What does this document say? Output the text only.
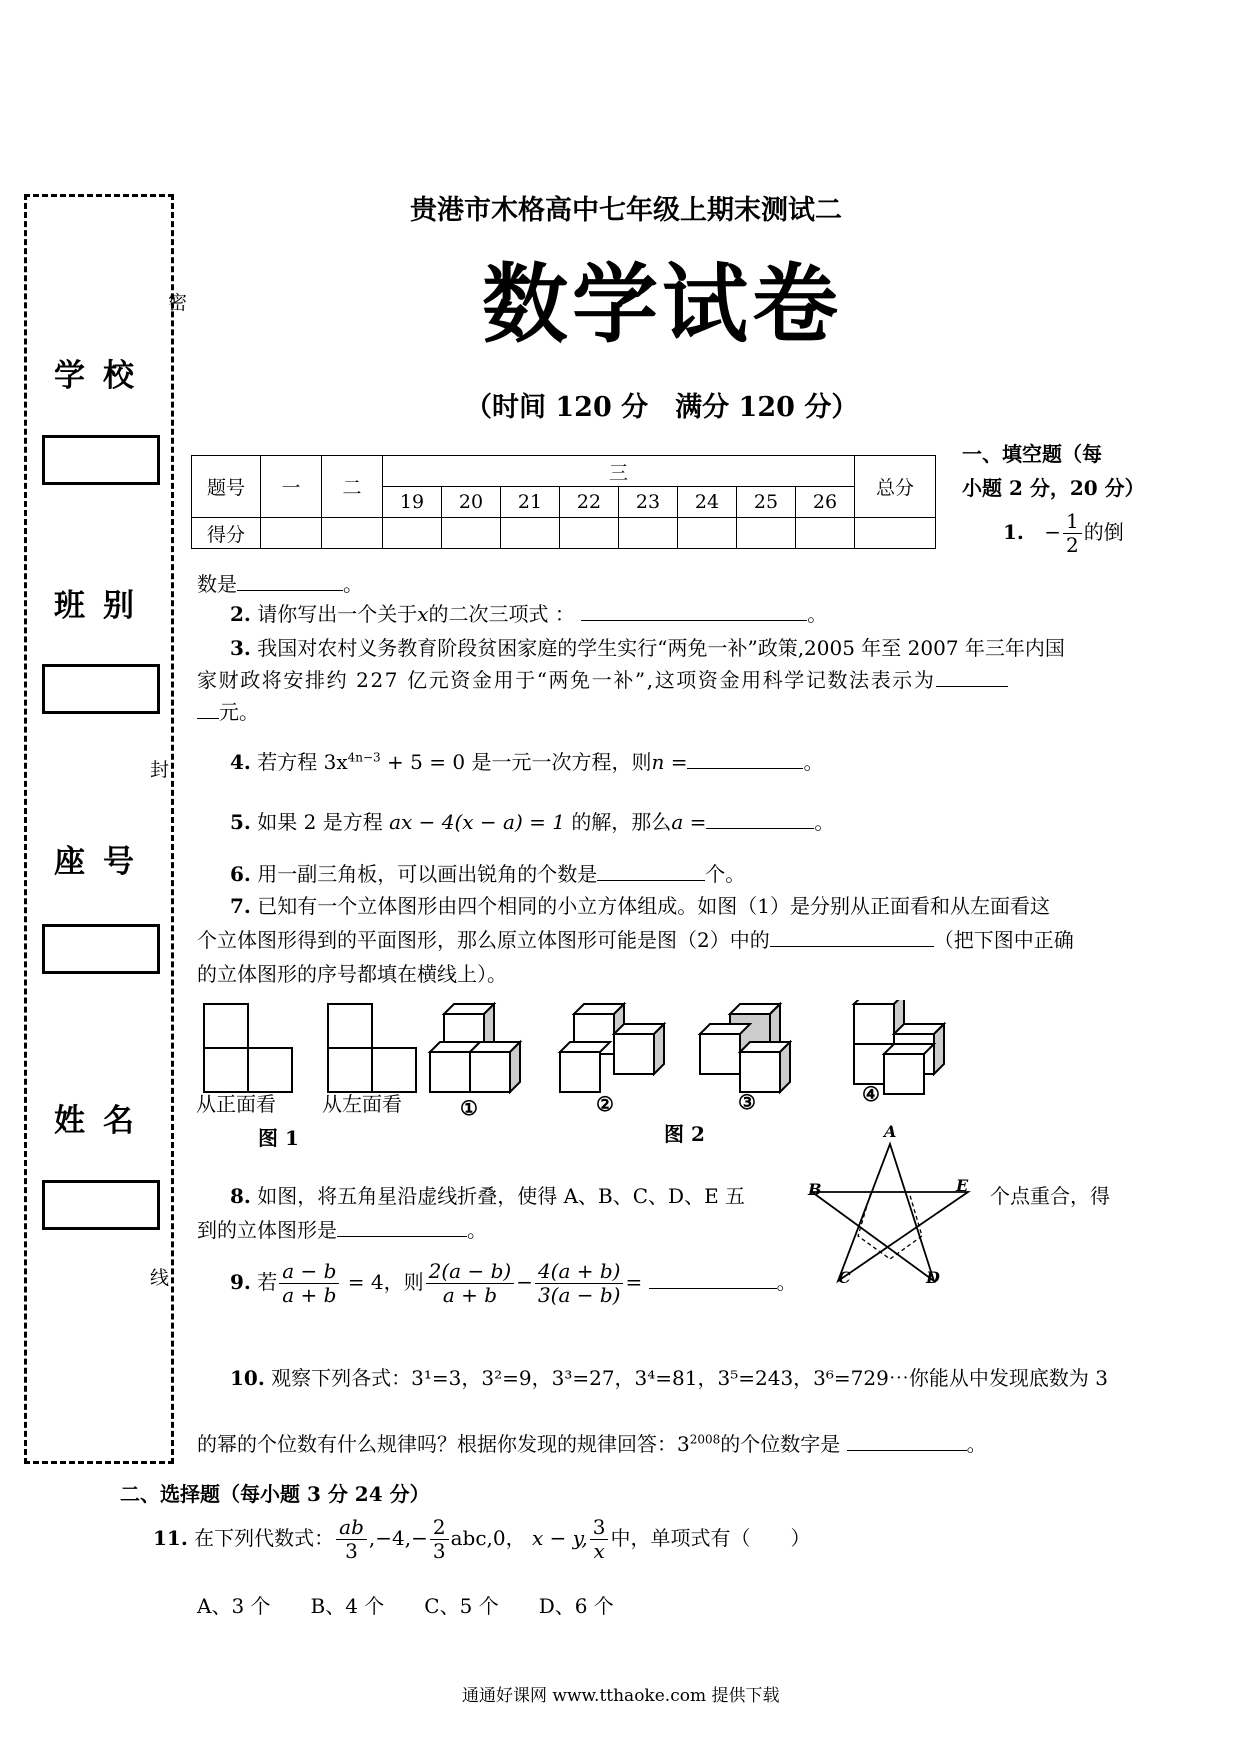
密
封
线
学校
班别
座号
姓名
贵港市木格高中七年级上期末测试二
数学试卷
（时间 120 分　满分 120 分）
题号	一	二	三								总分
			19	20	21	22	23	24	25	26	
得分											
一、填空题（每
小题 2 分，20 分）
1. − $\frac{1}{2}$ 的倒
数是	。
2. 请你写出一个关于x的二次三项式 ：	。
3. 我国对农村义务教育阶段贫困家庭的学生实行“两免一补”政策,2005 年至 2007 年三年内国
家财政将安排约 227 亿元资金用于“两免一补”,这项资金用科学记数法表示为
元。
4. 若方程 $3x^{4n-3} + 5 = 0$ 是一元一次方程，则n =	。
5. 如果 2 是方程 ax − 4(x − a) = 1 的解，那么a =	。
6. 用一副三角板，可以画出锐角的个数是	个。
7. 已知有一个立体图形由四个相同的小立方体组成。如图（1）是分别从正面看和从左面看这
个立体图形得到的平面图形，那么原立体图形可能是图（2）中的	（把下图中正确
的立体图形的序号都填在横线上）。
从正面看 从左面看	①	②	③	④
图 1	图 2
8. 如图，将五角星沿虚线折叠，使得 A、B、C、D、E 五	个点重合，得
到的立体图形是	。
A
B
C	D
E
9. 若 $\frac{a - b}{a + b} = 4$，则 $\frac{2(a - b)}{a + b} - \frac{4(a + b)}{3(a - b)}$ =	。
10. 观察下列各式：3¹=3，3²=9，3³=27，3⁴=81，3⁵=243，3⁶=729⋯你能从中发现底数为 3
的幂的个位数有什么规律吗？根据你发现的规律回答：$3^{2008}$的个位数字是	。
二、选择题（每小题 3 分 24 分）
11. 在下列代数式： $\frac{ab}{3} ,-4,- \frac{2}{3} abc,0$， x − y, $\frac{3}{x}$ 中，单项式有（　　）
A、3 个　　B、4 个　　C、5 个　　D、6 个
通通好课网 www.tthaoke.com 提供下载
